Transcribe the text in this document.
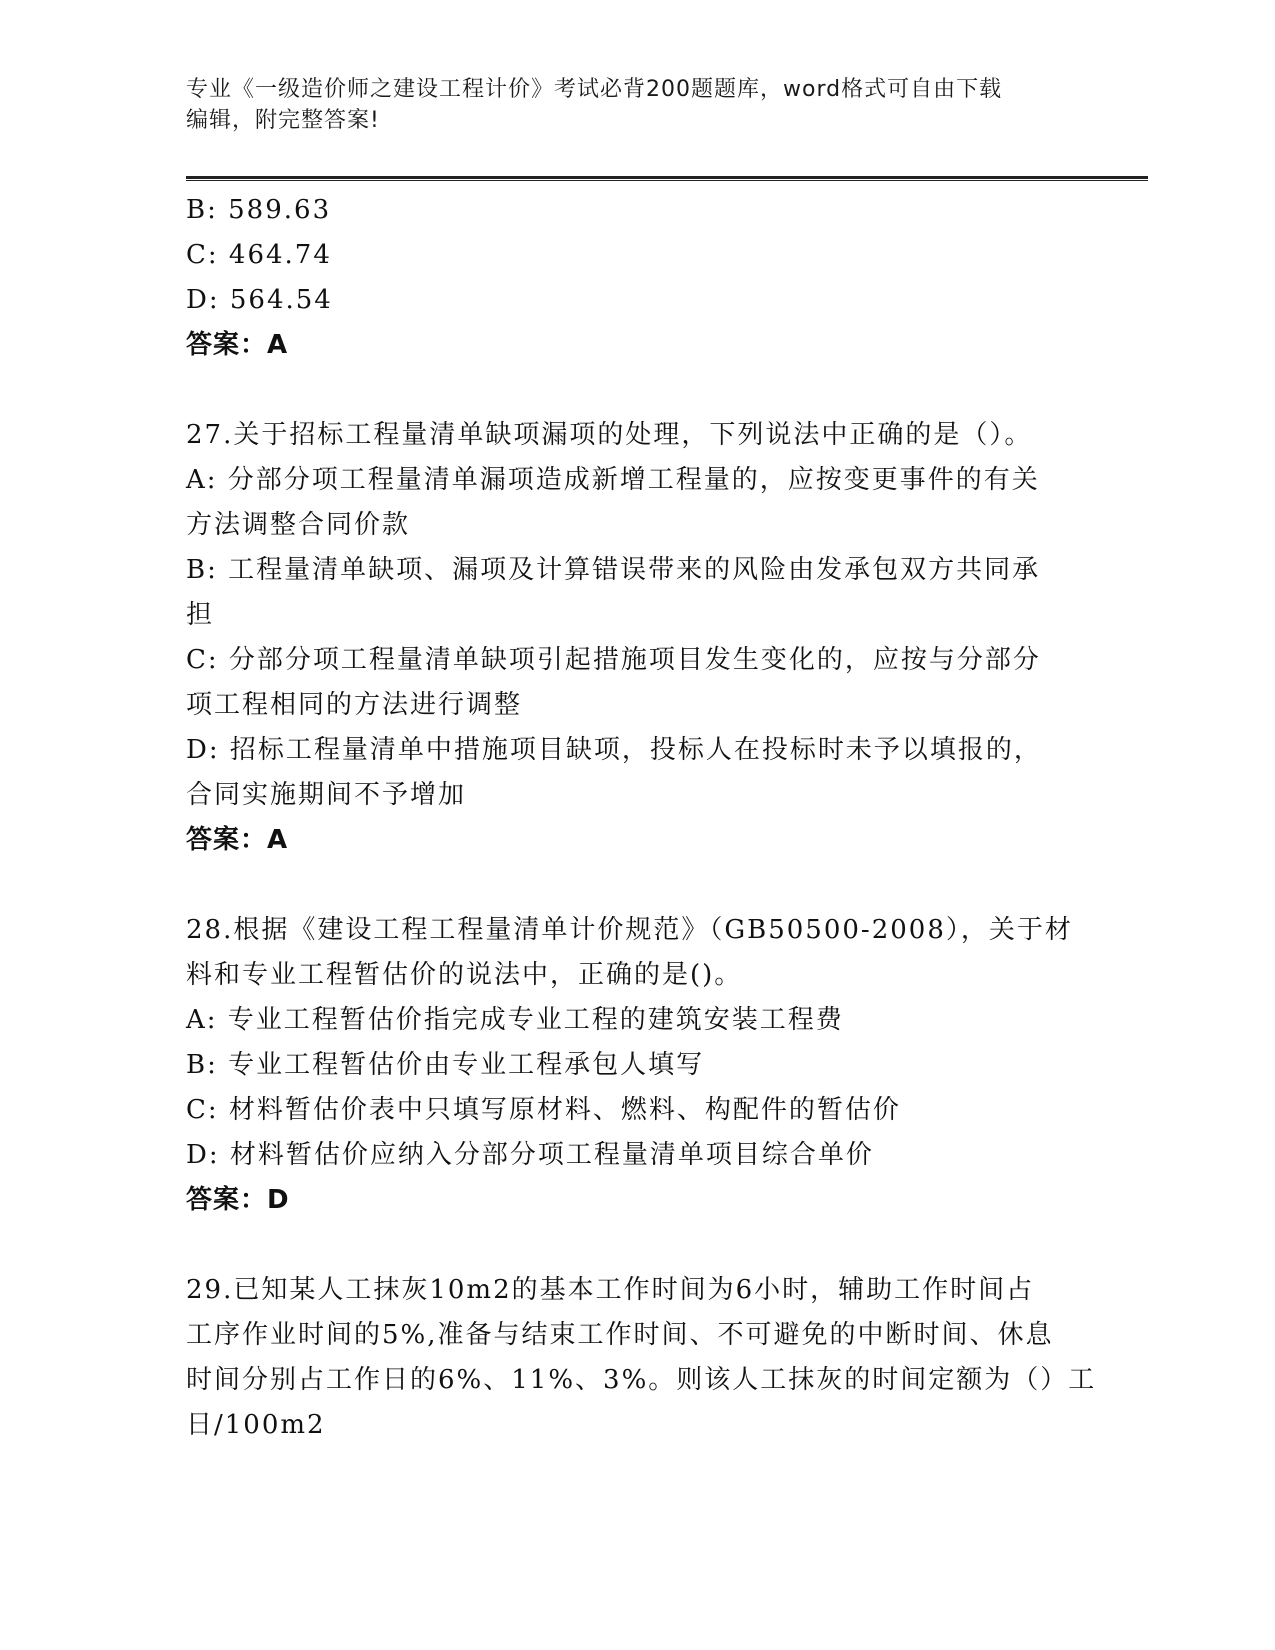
专业《一级造价师之建设工程计价》考试必背200题题库，word格式可自由下载
编辑，附完整答案!

B: 589.63

C: 464.74

D: 564.54

答案：A

27.关于招标工程量清单缺项漏项的处理，下列说法中正确的是（）。

A: 分部分项工程量清单漏项造成新增工程量的，应按变更事件的有关

方法调整合同价款

B: 工程量清单缺项、漏项及计算错误带来的风险由发承包双方共同承

担

C: 分部分项工程量清单缺项引起措施项目发生变化的，应按与分部分

项工程相同的方法进行调整

D: 招标工程量清单中措施项目缺项，投标人在投标时未予以填报的，

合同实施期间不予增加

答案：A

28.根据《建设工程工程量清单计价规范》（GB50500-2008），关于材

料和专业工程暂估价的说法中，正确的是()。

A: 专业工程暂估价指完成专业工程的建筑安装工程费

B: 专业工程暂估价由专业工程承包人填写

C: 材料暂估价表中只填写原材料、燃料、构配件的暂估价

D: 材料暂估价应纳入分部分项工程量清单项目综合单价

答案：D

29.已知某人工抹灰10m2的基本工作时间为6小时，辅助工作时间占

工序作业时间的5%,准备与结束工作时间、不可避免的中断时间、休息

时间分别占工作日的6%、11%、3%。则该人工抹灰的时间定额为（）工

日/100m2
